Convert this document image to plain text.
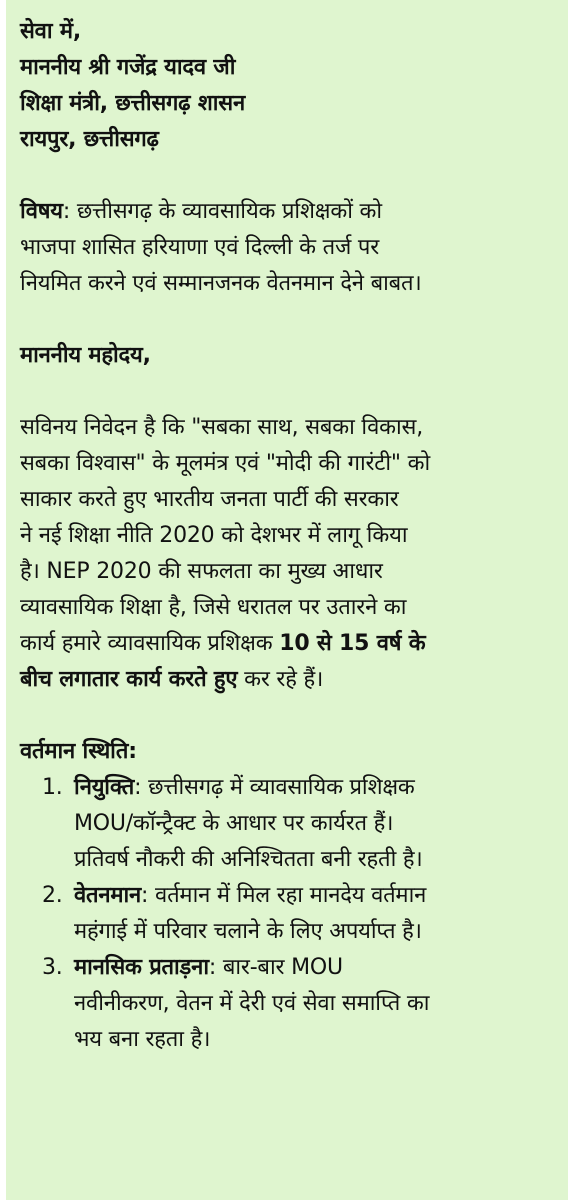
सेवा में,
माननीय श्री गजेंद्र यादव जी
शिक्षा मंत्री, छत्तीसगढ़ शासन
रायपुर, छत्तीसगढ़
विषय: छत्तीसगढ़ के व्यावसायिक प्रशिक्षकों को
भाजपा शासित हरियाणा एवं दिल्ली के तर्ज पर
नियमित करने एवं सम्मानजनक वेतनमान देने बाबत।
माननीय महोदय,
सविनय निवेदन है कि "सबका साथ, सबका विकास,
सबका विश्वास" के मूलमंत्र एवं "मोदी की गारंटी" को
साकार करते हुए भारतीय जनता पार्टी की सरकार
ने नई शिक्षा नीति 2020 को देशभर में लागू किया
है। NEP 2020 की सफलता का मुख्य आधार
व्यावसायिक शिक्षा है, जिसे धरातल पर उतारने का
कार्य हमारे व्यावसायिक प्रशिक्षक 10 से 15 वर्ष के
बीच लगातार कार्य करते हुए कर रहे हैं।
वर्तमान स्थिति:
1. नियुक्ति: छत्तीसगढ़ में व्यावसायिक प्रशिक्षक
MOU/कॉन्ट्रैक्ट के आधार पर कार्यरत हैं।
प्रतिवर्ष नौकरी की अनिश्चितता बनी रहती है।
2. वेतनमान: वर्तमान में मिल रहा मानदेय वर्तमान
महंगाई में परिवार चलाने के लिए अपर्याप्त है।
3. मानसिक प्रताड़ना: बार-बार MOU
नवीनीकरण, वेतन में देरी एवं सेवा समाप्ति का
भय बना रहता है।
